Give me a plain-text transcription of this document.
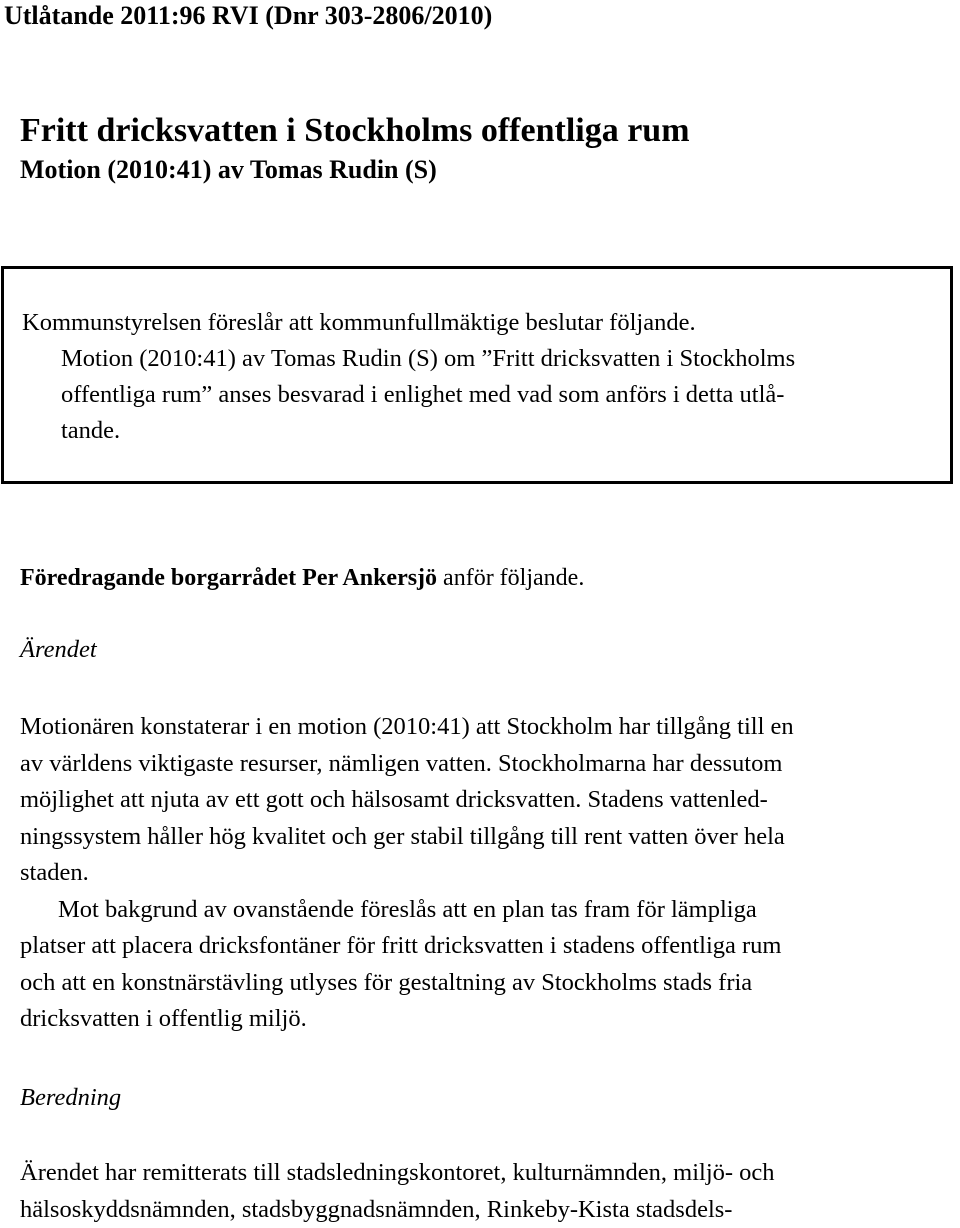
Utlåtande 2011:96 RVI (Dnr 303-2806/2010)
Fritt dricksvatten i Stockholms offentliga rum
Motion (2010:41) av Tomas Rudin (S)
Kommunstyrelsen föreslår att kommunfullmäktige beslutar följande.
Motion (2010:41) av Tomas Rudin (S) om ”Fritt dricksvatten i Stockholms
offentliga rum” anses besvarad i enlighet med vad som anförs i detta utlå-
tande.
Föredragande borgarrådet Per Ankersjö anför följande.
Ärendet
Motionären konstaterar i en motion (2010:41) att Stockholm har tillgång till en
av världens viktigaste resurser, nämligen vatten. Stockholmarna har dessutom
möjlighet att njuta av ett gott och hälsosamt dricksvatten. Stadens vattenled-
ningssystem håller hög kvalitet och ger stabil tillgång till rent vatten över hela
staden.
Mot bakgrund av ovanstående föreslås att en plan tas fram för lämpliga
platser att placera dricksfontäner för fritt dricksvatten i stadens offentliga rum
och att en konstnärstävling utlyses för gestaltning av Stockholms stads fria
dricksvatten i offentlig miljö.
Beredning
Ärendet har remitterats till stadsledningskontoret, kulturnämnden, miljö- och
hälsoskyddsnämnden, stadsbyggnadsnämnden, Rinkeby-Kista stadsdels-
